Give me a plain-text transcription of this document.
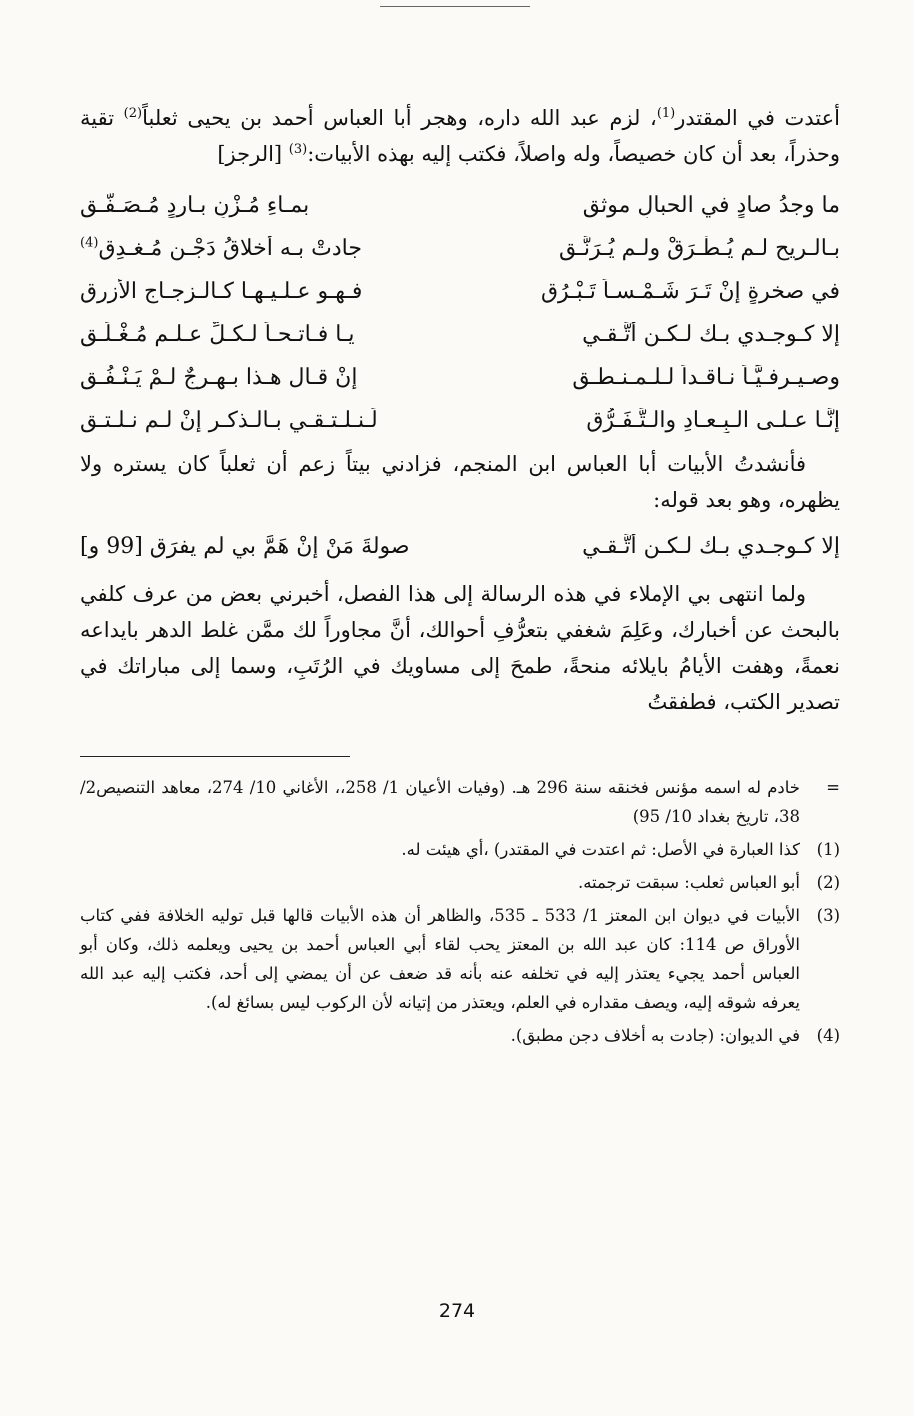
أعتدت في المقتدر$^{(1)}$، لزم عبد الله داره، وهجر أبا العباس أحمد بن يحيى ثعلباً$^{(2)}$ تقية وحذراً، بعد أن كان خصيصاً، وله واصلاً، فكتب إليه بهذه الأبيات:$^{(3)}$ [الرجز]

ما وجدُ صادٍ في الحبالِ موثقِ
بمـاءِ مُـزْنٍ بـاردٍ مُـصَـفَّـقِ
بـالـريحِ لـم يُـطْـرَقْ ولـم يُـرَنَّـقِ
جادتْ بـه أخلاقُ دَجْـنٍ مُـغـدِقِ$^{(4)}$
في صخرةٍ إنْ تَـرَ شَـمْـسـاً تَـبْـرُقِ
فـهـو عـلـيـهـا كـالـزجـاجِ الأزرقِ
إلا كـوجـدي بـك لـكـن أتَّـقـي
يـا فـاتـحـاً لـكـلِّ عـلـمٍ مُـغْـلَـقِ
وصـيـرفـيَّـاً نـاقـداً لـلـمـنـطـقِ
إنْ قـال هـذا بـهـرجٌ لـمْ يَـنْـفُـقِ
إنَّـا عـلـى الـبِـعـادِ والـتَّـفَـرُّقِ
لَـنـلـتـقـي بـالـذكـرِ إنْ لـم نـلـتـقِ

فأنشدتُ الأبيات أبا العباس ابن المنجم، فزادني بيتاً زعم أن ثعلباً كان يستره ولا يظهره، وهو بعد قوله:

إلا كـوجـدي بـك لـكـن أتَّـقـي
صولةَ مَنْ إنْ هَمَّ بي لم يفرَقِ [99 و]

ولما انتهى بي الإملاء في هذه الرسالة إلى هذا الفصل، أخبرني بعض من عرف كلفي بالبحث عن أخبارك، وعَلِمَ شغفي بتعرُّفِ أحوالك، أنَّ مجاوراً لك ممَّن غلط الدهر بايداعه نعمةً، وهفت الأيامُ بايلائه منحةً، طمحَ إلى مساويك في الرُتَبِ، وسما إلى مباراتك في تصدير الكتب، فطفقتُ

=
خادم له اسمه مؤنس فخنقه سنة 296 هـ. (وفيات الأعيان 1/ 258،، الأغاني 10/ 274، معاهد التنصيص2/ 38، تاريخ بغداد 10/ 95)
(1)
كذا العبارة في الأصل: ثم اعتدت في المقتدر) ،أي هيئت له.
(2)
أبو العباس ثعلب: سبقت ترجمته.
(3)
الأبيات في ديوان ابن المعتز 1/ 533 ـ 535، والظاهر أن هذه الأبيات قالها قبل توليه الخلافة ففي كتاب الأوراق ص 114: كان عبد الله بن المعتز يحب لقاء أبي العباس أحمد بن يحيى ويعلمه ذلك، وكان أبو العباس أحمد يجيء يعتذر إليه في تخلفه عنه بأنه قد ضعف عن أن يمضي إلى أحد، فكتب إليه عبد الله يعرفه شوقه إليه، ويصف مقداره في العلم، ويعتذر من إتيانه لأن الركوب ليس بسائغ له).
(4)
في الديوان: (جادت به أخلاف دجن مطبق).
274
